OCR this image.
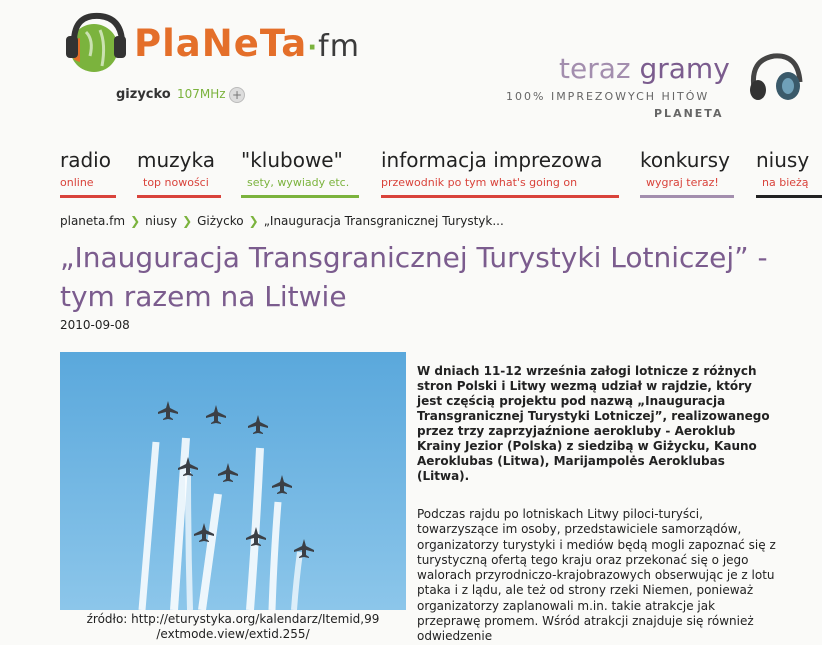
PlaNeTa·fm
gizycko 107MHz +
teraz gramy
100% IMPREZOWYCH HITÓW
PLANETA
radio
online
muzyka
top nowości
"klubowe"
sety, wywiady etc.
informacja imprezowa
przewodnik po tym what's going on
konkursy
wygraj teraz!
niusy
na bieżą
planeta.fm ❯ niusy ❯ Giżycko ❯ „Inauguracja Transgranicznej Turystyk...
„Inauguracja Transgranicznej Turystyki Lotniczej” -tym razem na Litwie
2010-09-08
źródło: http://eturystyka.org/kalendarz/Itemid,99 /extmode.view/extid.255/
W dniach 11-12 września załogi lotnicze z różnych stron Polski i Litwy wezmą udział w rajdzie, który jest częścią projektu pod nazwą „Inauguracja Transgranicznej Turystyki Lotniczej”, realizowanego przez trzy zaprzyjaźnione aerokluby - Aeroklub Krainy Jezior (Polska) z siedzibą w Giżycku, Kauno Aeroklubas (Litwa), Marijampolės Aeroklubas (Litwa).
Podczas rajdu po lotniskach Litwy piloci-turyści, towarzyszące im osoby, przedstawiciele samorządów, organizatorzy turystyki i mediów będą mogli zapoznać się z turystyczną ofertą tego kraju oraz przekonać się o jego walorach przyrodniczo-krajobrazowych obserwując je z lotu ptaka i z lądu, ale też od strony rzeki Niemen, ponieważ organizatorzy zaplanowali m.in. takie atrakcje jak przeprawę promem. Wśród atrakcji znajduje się również odwiedzenie
